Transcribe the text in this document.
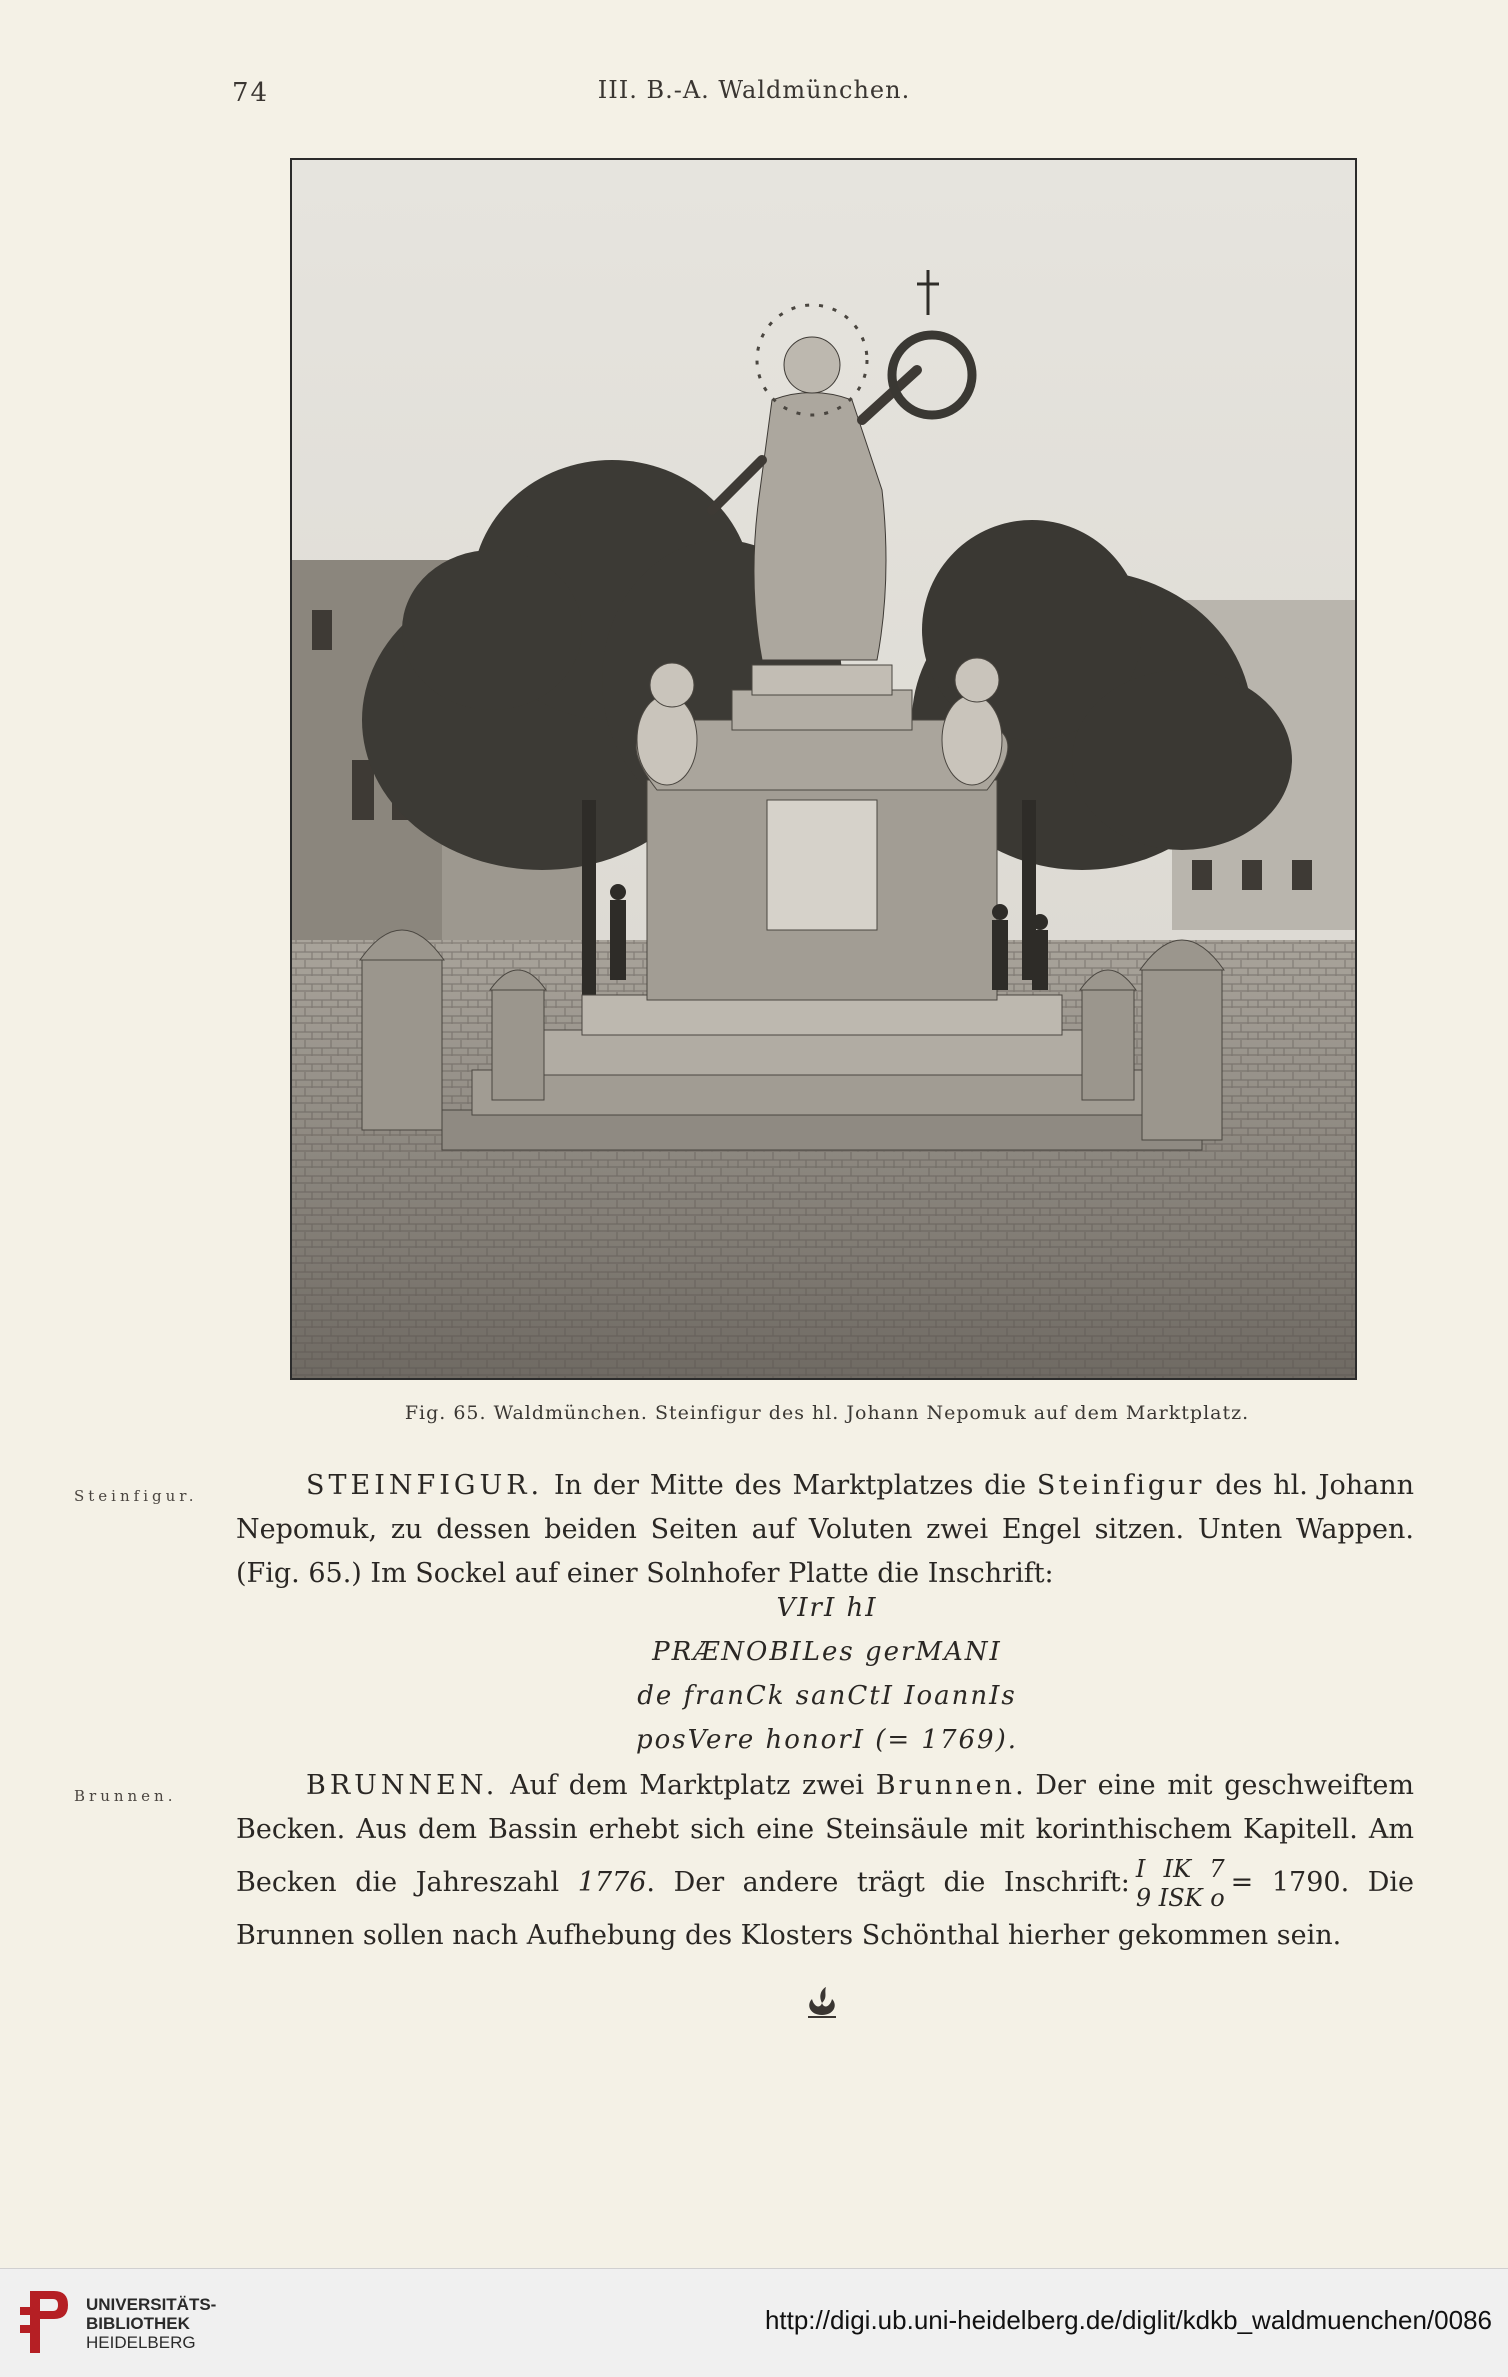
74	III. B.-A. Waldmünchen.
Fig. 65. Waldmünchen. Steinfigur des hl. Johann Nepomuk auf dem Marktplatz.
Steinfigur.	STEINFIGUR. In der Mitte des Marktplatzes die Steinfigur des hl. Johann
Nepomuk, zu dessen beiden Seiten auf Voluten zwei Engel sitzen. Unten Wappen.
(Fig. 65.) Im Sockel auf einer Solnhofer Platte die Inschrift:
VIrI hI
PRÆNOBILes gerMANI
de franCk sanCtI IoannIs
posVere honorI (= 1769).
Brunnen.	BRUNNEN. Auf dem Marktplatz zwei Brunnen. Der eine mit geschweiftem
Becken. Aus dem Bassin erhebt sich eine Steinsäule mit korinthischem Kapitell. Am
Becken die Jahreszahl 1776. Der andere trägt die Inschrift: I IK 7
9 ISK o = 1790. Die
Brunnen sollen nach Aufhebung des Klosters Schönthal hierher gekommen sein.
UNIVERSITÄTS-
BIBLIOTHEK
HEIDELBERG
http://digi.ub.uni-heidelberg.de/diglit/kdkb_waldmuenchen/0086
